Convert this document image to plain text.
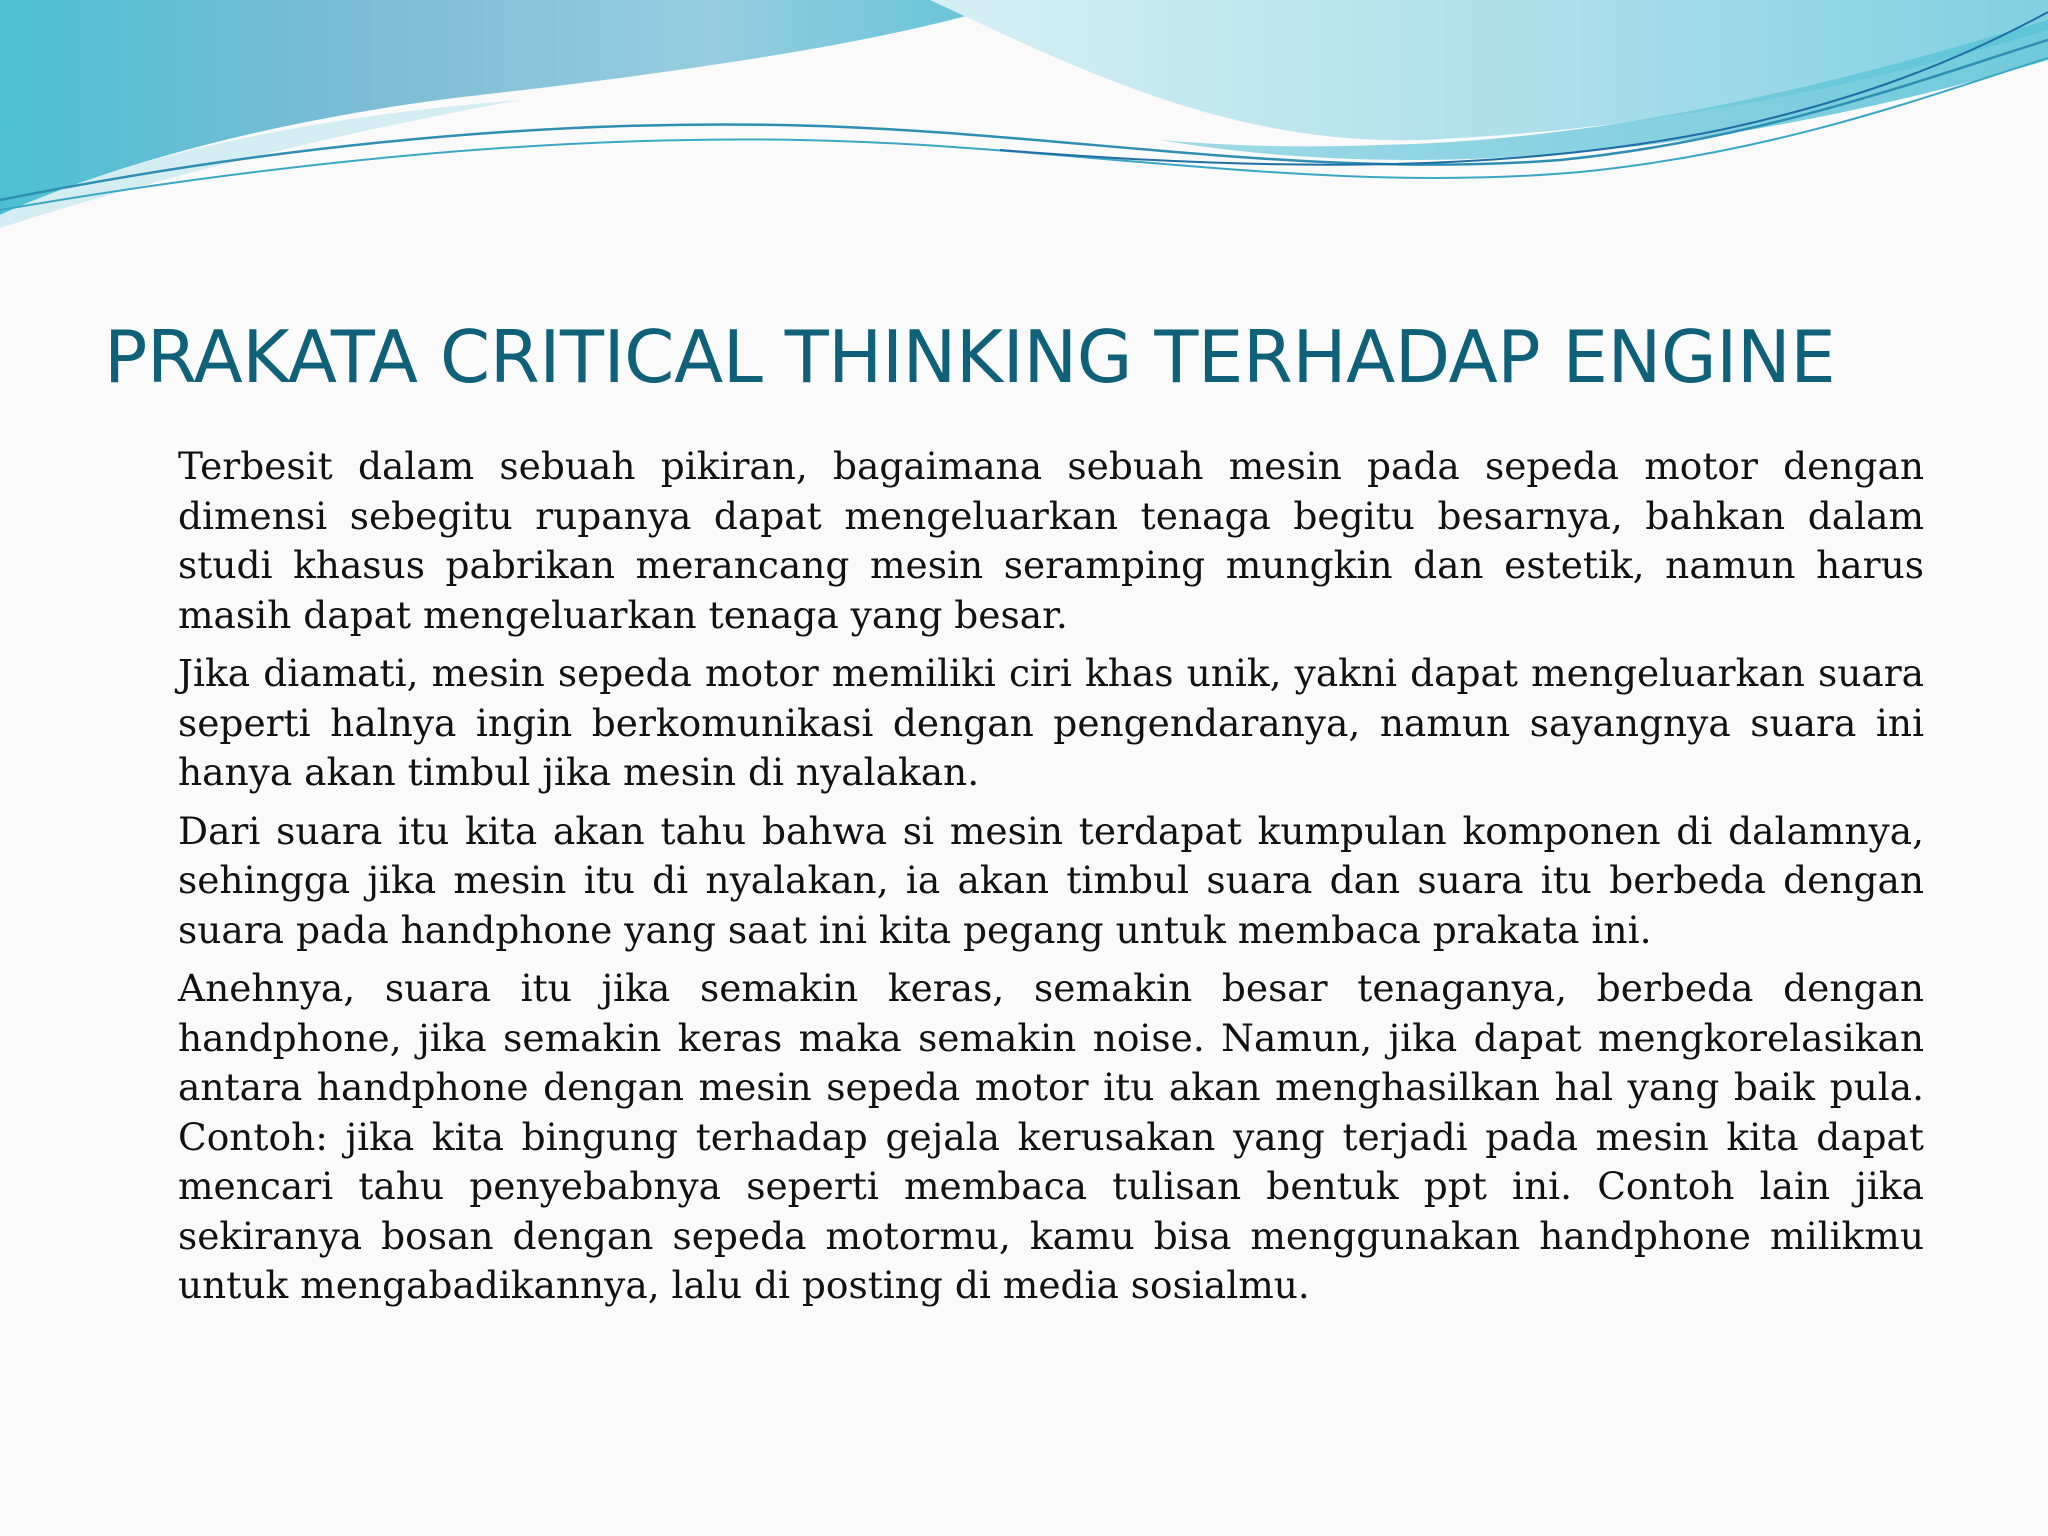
PRAKATA CRITICAL THINKING TERHADAP ENGINE

Terbesit dalam sebuah pikiran, bagaimana sebuah mesin pada sepeda motor dengan dimensi sebegitu rupanya dapat mengeluarkan tenaga begitu besarnya, bahkan dalam studi khasus pabrikan merancang mesin seramping mungkin dan estetik, namun harus masih dapat mengeluarkan tenaga yang besar.

Jika diamati, mesin sepeda motor memiliki ciri khas unik, yakni dapat mengeluarkan suara seperti halnya ingin berkomunikasi dengan pengendaranya, namun sayangnya suara ini hanya akan timbul jika mesin di nyalakan.

Dari suara itu kita akan tahu bahwa si mesin terdapat kumpulan komponen di dalamnya, sehingga jika mesin itu di nyalakan, ia akan timbul suara dan suara itu berbeda dengan suara pada handphone yang saat ini kita pegang untuk membaca prakata ini.

Anehnya, suara itu jika semakin keras, semakin besar tenaganya, berbeda dengan handphone, jika semakin keras maka semakin noise. Namun, jika dapat mengkorelasikan antara handphone dengan mesin sepeda motor itu akan menghasilkan hal yang baik pula. Contoh: jika kita bingung terhadap gejala kerusakan yang terjadi pada mesin kita dapat mencari tahu penyebabnya seperti membaca tulisan bentuk ppt ini. Contoh lain jika sekiranya bosan dengan sepeda motormu, kamu bisa menggunakan handphone milikmu untuk mengabadikannya, lalu di posting di media sosialmu.
